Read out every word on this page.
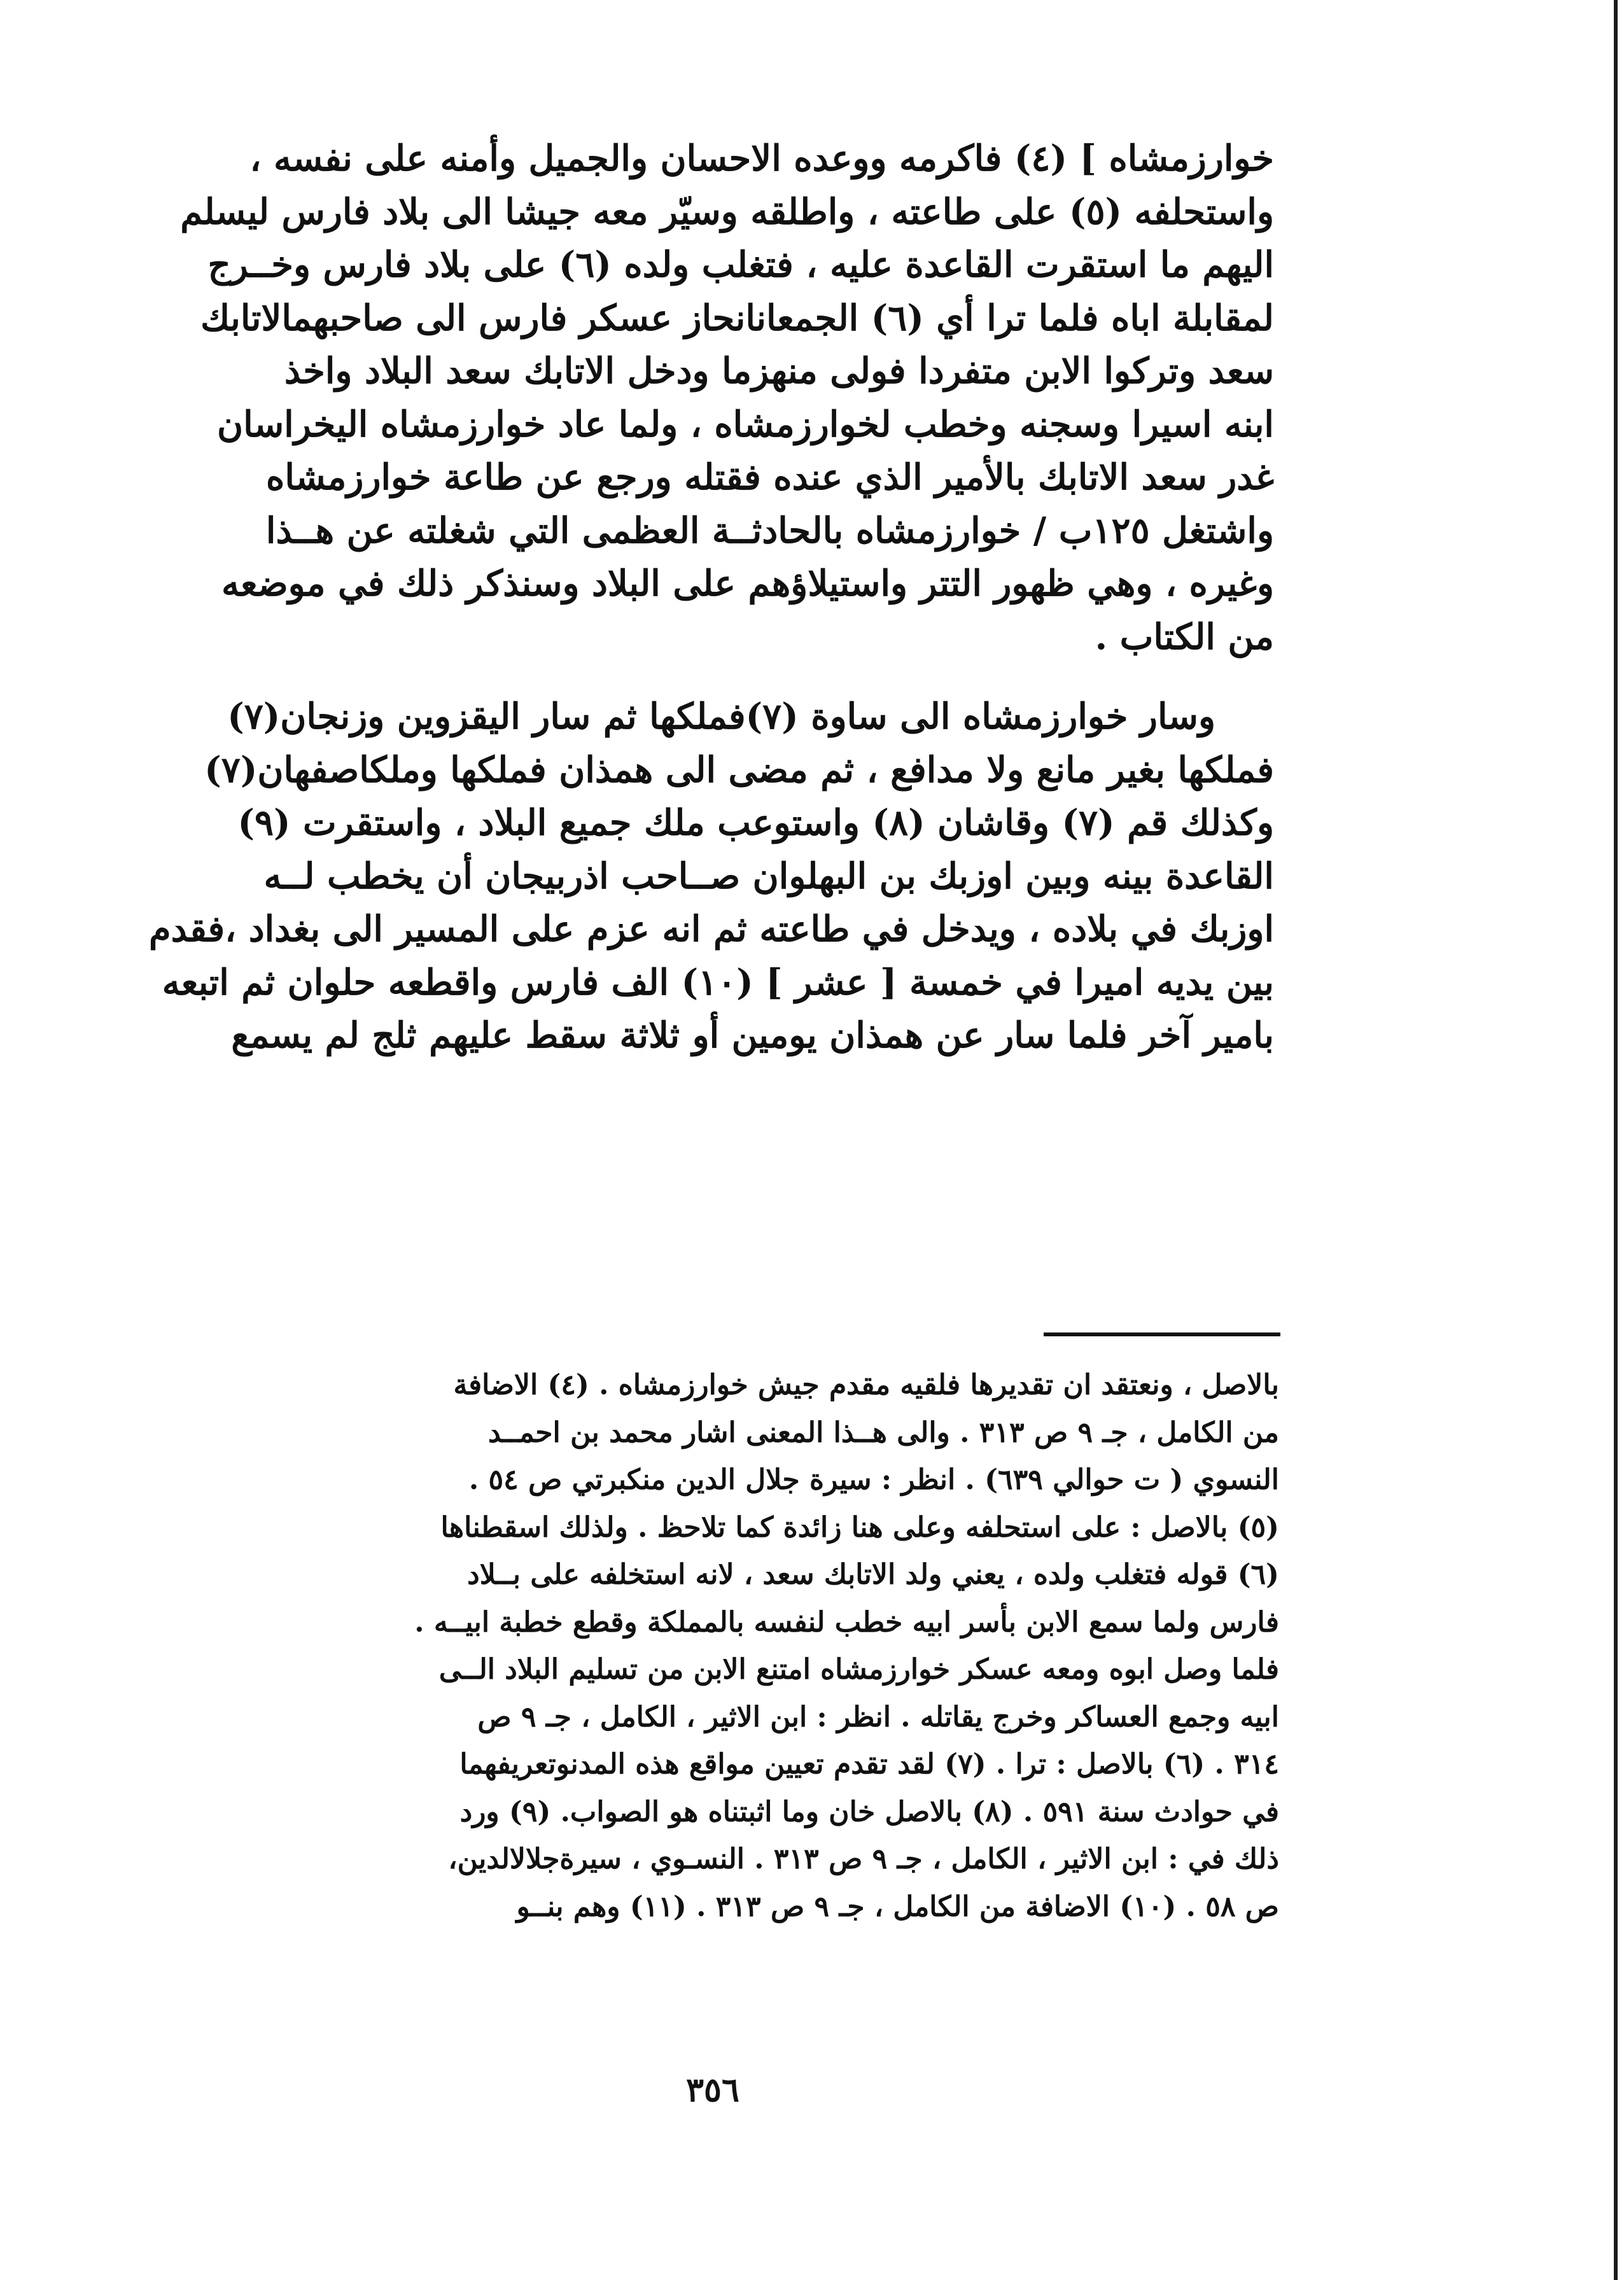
خوارزمشاه ] (٤) فاكرمه ووعده الاحسان والجميل وأمنه على نفسه ،
واستحلفه (٥) على طاعته ، واطلقه وسيّر معه جيشا الى بلاد فارس ليسلم
اليهم ما استقرت القاعدة عليه ، فتغلب ولده (٦) على بلاد فارس وخــرج
لمقابلة اباه فلما ترا أي (٦) الجمعانانحاز عسكر فارس الى صاحبهمالاتابك
سعد وتركوا الابن متفردا فولى منهزما ودخل الاتابك سعد البلاد واخذ
ابنه اسيرا وسجنه وخطب لخوارزمشاه ، ولما عاد خوارزمشاه اليخراسان
غدر سعد الاتابك بالأمير الذي عنده فقتله ورجع عن طاعة خوارزمشاه
واشتغل ١٢٥ب / خوارزمشاه بالحادثــة العظمى التي شغلته عن هــذا
وغيره ، وهي ظهور التتر واستيلاؤهم على البلاد وسنذكر ذلك في موضعه
من الكتاب .
وسار خوارزمشاه الى ساوة (٧)فملكها ثم سار اليقزوين وزنجان(٧)
فملكها بغير مانع ولا مدافع ، ثم مضى الى همذان فملكها وملكاصفهان(٧)
وكذلك قم (٧) وقاشان (٨) واستوعب ملك جميع البلاد ، واستقرت (٩)
القاعدة بينه وبين اوزبك بن البهلوان صــاحب اذربيجان أن يخطب لــه
اوزبك في بلاده ، ويدخل في طاعته ثم انه عزم على المسير الى بغداد ،فقدم
بين يديه اميرا في خمسة [ عشر ] (١٠) الف فارس واقطعه حلوان ثم اتبعه
بامير آخر فلما سار عن همذان يومين أو ثلاثة سقط عليهم ثلج لم يسمع
بالاصل ، ونعتقد ان تقديرها فلقيه مقدم جيش خوارزمشاه . (٤) الاضافة
من الكامل ، جـ ٩ ص ٣١٣ . والى هــذا المعنى اشار محمد بن احمــد
النسوي ( ت حوالي ٦٣٩) . انظر : سيرة جلال الدين منكبرتي ص ٥٤ .
(٥) بالاصل : على استحلفه وعلى هنا زائدة كما تلاحظ . ولذلك اسقطناها
(٦) قوله فتغلب ولده ، يعني ولد الاتابك سعد ، لانه استخلفه على بــلاد
فارس ولما سمع الابن بأسر ابيه خطب لنفسه بالمملكة وقطع خطبة ابيــه .
فلما وصل ابوه ومعه عسكر خوارزمشاه امتنع الابن من تسليم البلاد الــى
ابيه وجمع العساكر وخرج يقاتله . انظر : ابن الاثير ، الكامل ، جـ ٩ ص
٣١٤ . (٦) بالاصل : ترا . (٧) لقد تقدم تعيين مواقع هذه المدنوتعريفهما
في حوادث سنة ٥٩١ . (٨) بالاصل خان وما اثبتناه هو الصواب. (٩) ورد
ذلك في : ابن الاثير ، الكامل ، جـ ٩ ص ٣١٣ . النسـوي ، سيرةجلالالدين،
ص ٥٨ . (١٠) الاضافة من الكامل ، جـ ٩ ص ٣١٣ . (١١) وهم بنــو
٣٥٦
